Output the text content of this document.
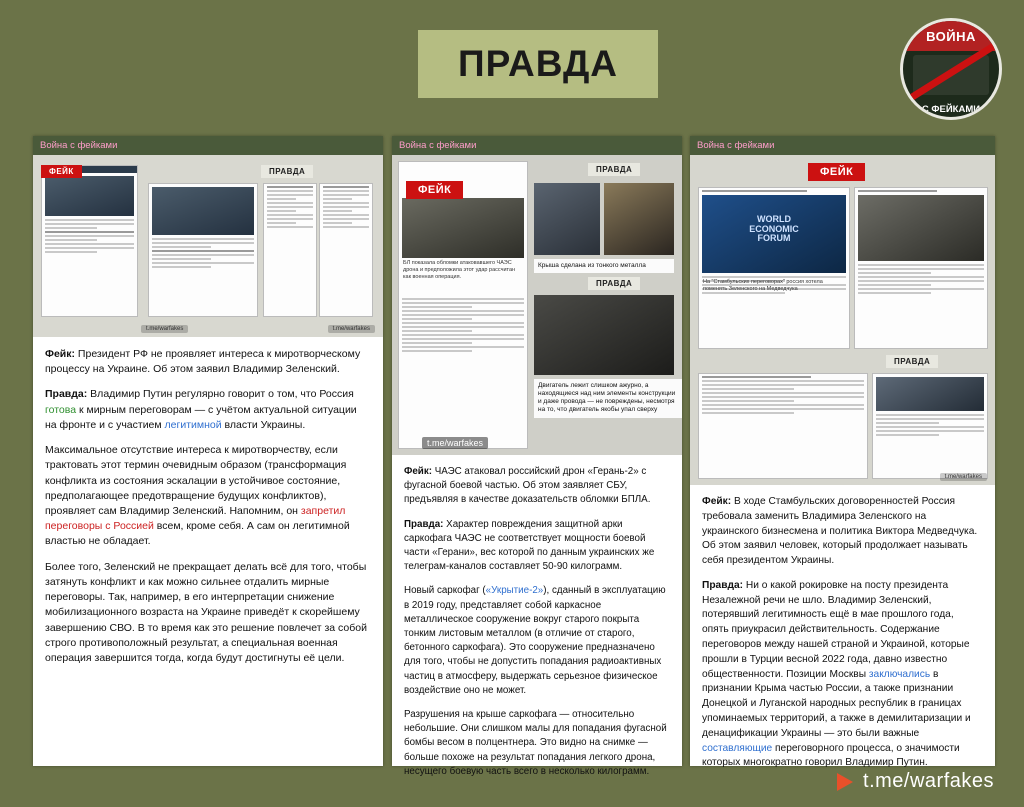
ПРАВДА
ВОЙНА
С ФЕЙКАМИ
Война с фейками
ФЕЙК	ПРАВДА
t.me/warfakes	t.me/warfakes

Фейк: Президент РФ не проявляет интереса к миротворческому процессу на Украине. Об этом заявил Владимир Зеленский.

Правда: Владимир Путин регулярно говорит о том, что Россия готова к мирным переговорам — с учётом актуальной ситуации на фронте и с участием легитимной власти Украины.

Максимальное отсутствие интереса к миротворчеству, если трактовать этот термин очевидным образом (трансформация конфликта из состояния эскалации в устойчивое состояние, предполагающее предотвращение будущих конфликтов), проявляет сам Владимир Зеленский. Напомним, он запретил переговоры с Россией всем, кроме себя. А сам он легитимной властью не обладает.

Более того, Зеленский не прекращает делать всё для того, чтобы затянуть конфликт и как можно сильнее отдалить мирные переговоры. Так, например, в его интерпретации снижение мобилизационного возраста на Украине приведёт к скорейшему завершению СВО. В то время как это решение повлечет за собой строго противоположный результат, а специальная военная операция завершится тогда, когда будут достигнуты её цели.

Война с фейками
БЛ показала обломки атаковавшего ЧАЭС дрона и предположила этот удар рассчитан как военная операция.
ФЕЙК
ПРАВДА
Крыша сделана из тонкого металла
ПРАВДА
Двигатель лежит слишком ажурно, а находящиеся над ним элементы конструкции и даже провода — не повреждены, несмотря на то, что двигатель якобы упал сверху
t.me/warfakes

Фейк: ЧАЭС атаковал российский дрон «Герань-2» с фугасной боевой частью. Об этом заявляет СБУ, предъявляя в качестве доказательств обломки БПЛА.

Правда: Характер повреждения защитной арки саркофага ЧАЭС не соответствует мощности боевой части «Герани», вес которой по данным украинских же телеграм-каналов составляет 50-90 килограмм.

Новый саркофаг («Укрытие-2»), сданный в эксплуатацию в 2019 году, представляет собой каркасное металлическое сооружение вокруг старого покрыта тонким листовым металлом (в отличие от старого, бетонного саркофага). Это сооружение предназначено для того, чтобы не допустить попадания радиоактивных частиц в атмосферу, выдержать серьезное физическое воздействие оно не может.

Разрушения на крыше саркофага — относительно небольшие. Они слишком малы для попадания фугасной бомбы весом в полцентнера. Это видно на снимке — больше похоже на результат попадания легкого дрона, несущего боевую часть всего в несколько килограмм.

Война с фейками
ФЕЙК
WORLD ECONOMIC FORUM
На "Стамбульских переговорах" россия хотела поменять Зеленского на Медведчука
ПРАВДА
t.me/warfakes

Фейк: В ходе Стамбульских договоренностей Россия требовала заменить Владимира Зеленского на украинского бизнесмена и политика Виктора Медведчука. Об этом заявил человек, который продолжает называть себя президентом Украины.

Правда: Ни о какой рокировке на посту президента Незалежной речи не шло. Владимир Зеленский, потерявший легитимность ещё в мае прошлого года, опять приукрасил действительность. Содержание переговоров между нашей страной и Украиной, которые прошли в Турции весной 2022 года, давно известно общественности. Позиции Москвы заключались в признании Крыма частью России, а также признании Донецкой и Луганской народных республик в границах упоминаемых территорий, а также в демилитаризации и денацификации Украины — это были важные составляющие переговорного процесса, о значимости которых многократно говорил Владимир Путин.

t.me/warfakes
